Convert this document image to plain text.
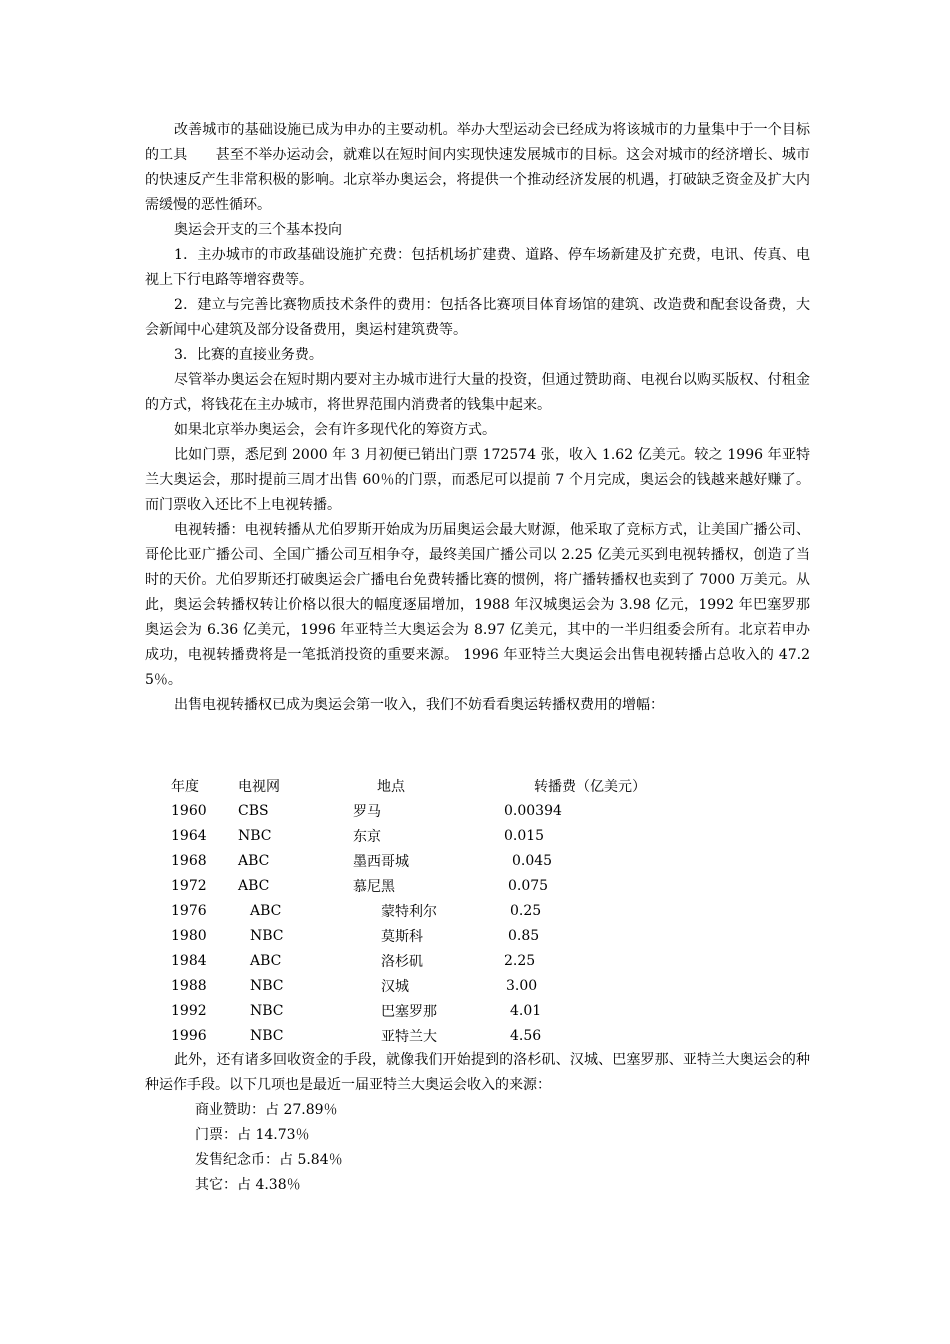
改善城市的基础设施已成为申办的主要动机。举办大型运动会已经成为将该城市的力量集中于一个目标的工具　　甚至不举办运动会，就难以在短时间内实现快速发展城市的目标。这会对城市的经济增长、城市的快速反产生非常积极的影响。北京举办奥运会，将提供一个推动经济发展的机遇，打破缺乏资金及扩大内需缓慢的恶性循环。

奥运会开支的三个基本投向

1．主办城市的市政基础设施扩充费：包括机场扩建费、道路、停车场新建及扩充费，电讯、传真、电视上下行电路等增容费等。

2．建立与完善比赛物质技术条件的费用：包括各比赛项目体育场馆的建筑、改造费和配套设备费，大会新闻中心建筑及部分设备费用，奥运村建筑费等。

3．比赛的直接业务费。

尽管举办奥运会在短时期内要对主办城市进行大量的投资，但通过赞助商、电视台以购买版权、付租金的方式，将钱花在主办城市，将世界范围内消费者的钱集中起来。

如果北京举办奥运会，会有许多现代化的筹资方式。

比如门票，悉尼到 2000 年 3 月初便已销出门票 172574 张，收入 1.62 亿美元。较之 1996 年亚特兰大奥运会，那时提前三周才出售 60％的门票，而悉尼可以提前 7 个月完成，奥运会的钱越来越好赚了。而门票收入还比不上电视转播。

电视转播：电视转播从尤伯罗斯开始成为历届奥运会最大财源，他采取了竞标方式，让美国广播公司、哥伦比亚广播公司、全国广播公司互相争夺，最终美国广播公司以 2.25 亿美元买到电视转播权，创造了当时的天价。尤伯罗斯还打破奥运会广播电台免费转播比赛的惯例，将广播转播权也卖到了 7000 万美元。从此，奥运会转播权转让价格以很大的幅度逐届增加，1988 年汉城奥运会为 3.98 亿元，1992 年巴塞罗那奥运会为 6.36 亿美元，1996 年亚特兰大奥运会为 8.97 亿美元，其中的一半归组委会所有。北京若申办成功，电视转播费将是一笔抵消投资的重要来源。 1996 年亚特兰大奥运会出售电视转播占总收入的 47.25％。

出售电视转播权已成为奥运会第一收入，我们不妨看看奥运转播权费用的增幅：

年度	电视网	地点	转播费（亿美元）
1960	CBS	罗马	0.00394
1964	NBC	东京	0.015
1968	ABC	墨西哥城	0.045
1972	ABC	慕尼黑	0.075
1976	ABC	蒙特利尔	0.25
1980	NBC	莫斯科	0.85
1984	ABC	洛杉矶	2.25
1988	NBC	汉城	3.00
1992	NBC	巴塞罗那	4.01
1996	NBC	亚特兰大	4.56

此外，还有诸多回收资金的手段，就像我们开始提到的洛杉矶、汉城、巴塞罗那、亚特兰大奥运会的种种运作手段。以下几项也是最近一届亚特兰大奥运会收入的来源：

商业赞助：占 27.89％

门票：占 14.73％

发售纪念币：占 5.84％

其它：占 4.38％
